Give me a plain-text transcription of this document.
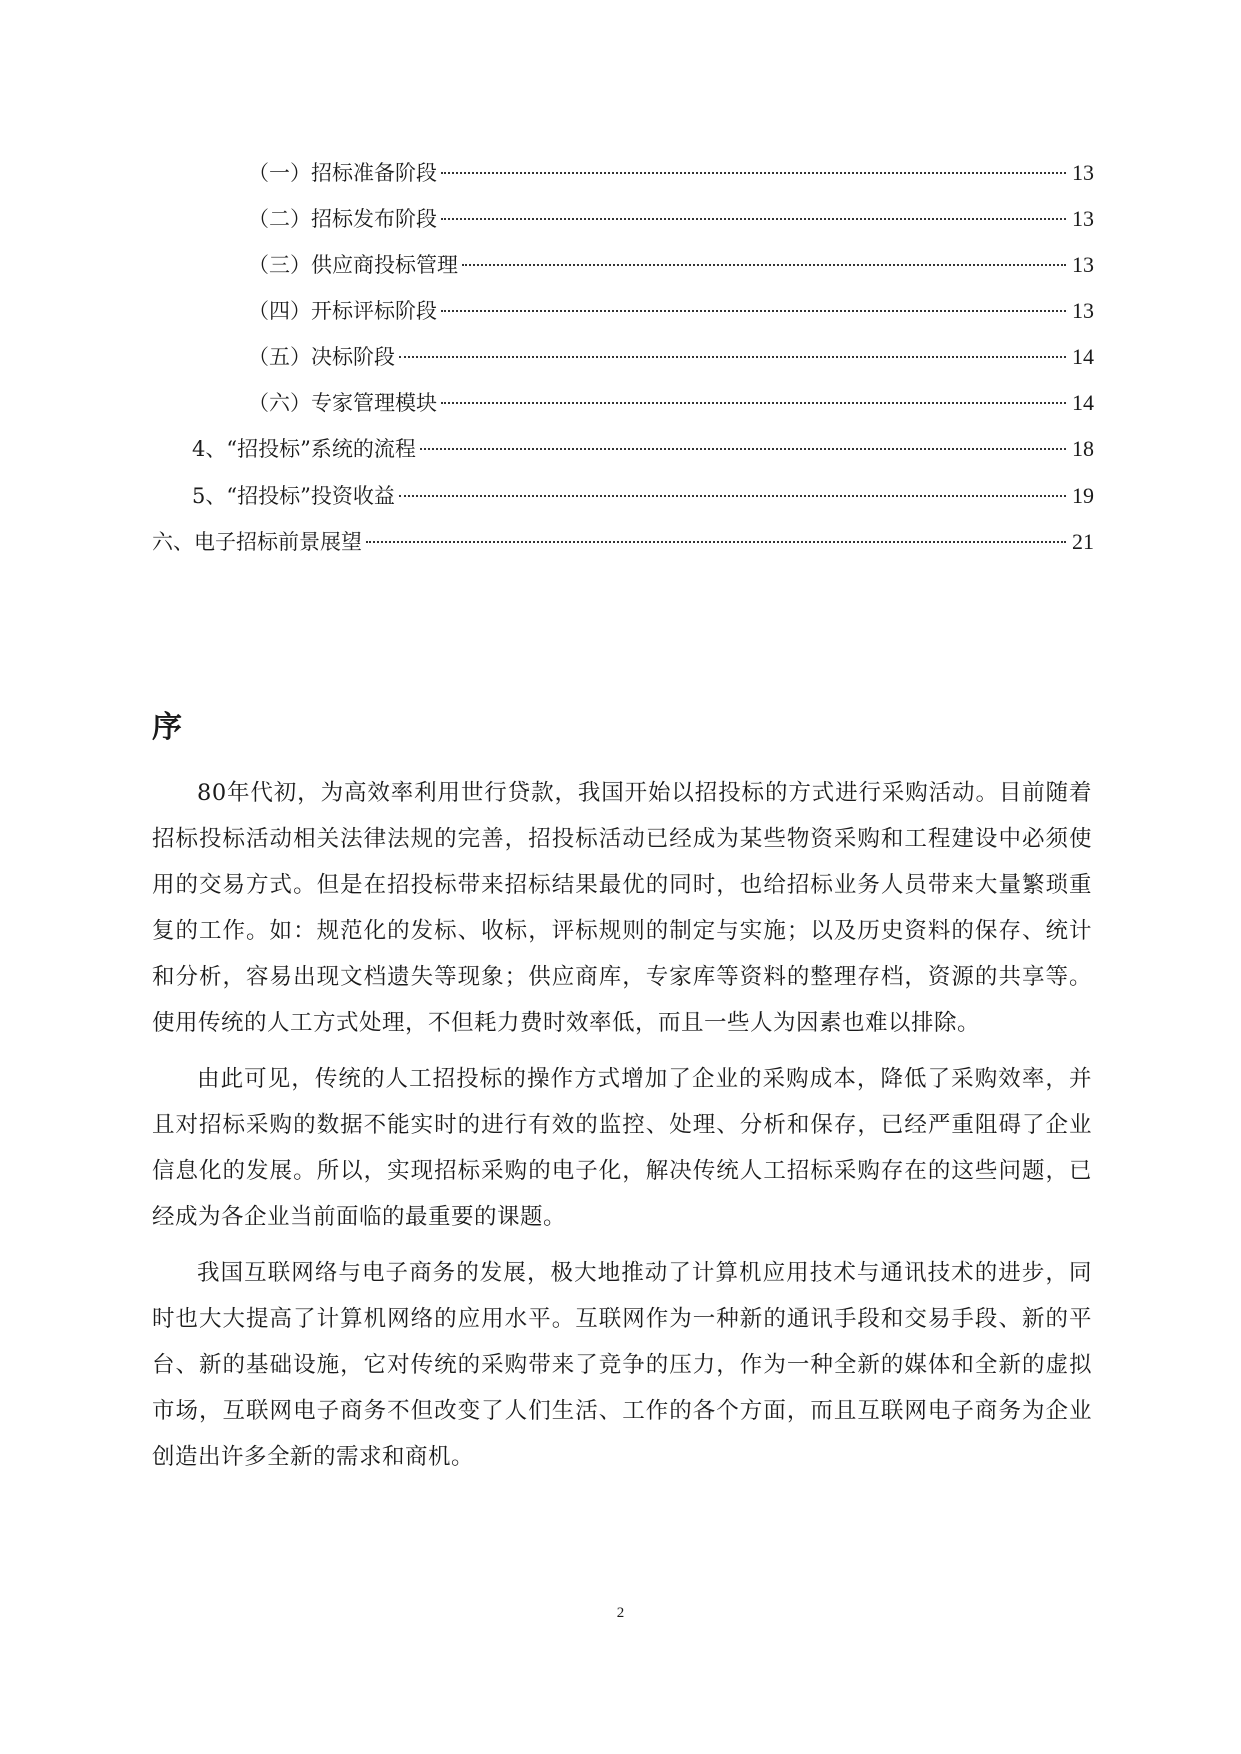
（一）招标准备阶段	13
（二）招标发布阶段	13
（三）供应商投标管理	13
（四）开标评标阶段	13
（五）决标阶段	14
（六）专家管理模块	14
4、“招投标”系统的流程	18
5、“招投标”投资收益	19
六、电子招标前景展望	21
序

80年代初，为高效率利用世行贷款，我国开始以招投标的方式进行采购活动。目前随着招标投标活动相关法律法规的完善，招投标活动已经成为某些物资采购和工程建设中必须使用的交易方式。但是在招投标带来招标结果最优的同时，也给招标业务人员带来大量繁琐重复的工作。如：规范化的发标、收标，评标规则的制定与实施；以及历史资料的保存、统计和分析，容易出现文档遗失等现象；供应商库，专家库等资料的整理存档，资源的共享等。使用传统的人工方式处理，不但耗力费时效率低，而且一些人为因素也难以排除。

由此可见，传统的人工招投标的操作方式增加了企业的采购成本，降低了采购效率，并且对招标采购的数据不能实时的进行有效的监控、处理、分析和保存，已经严重阻碍了企业信息化的发展。所以，实现招标采购的电子化，解决传统人工招标采购存在的这些问题，已经成为各企业当前面临的最重要的课题。

我国互联网络与电子商务的发展，极大地推动了计算机应用技术与通讯技术的进步，同时也大大提高了计算机网络的应用水平。互联网作为一种新的通讯手段和交易手段、新的平台、新的基础设施，它对传统的采购带来了竞争的压力，作为一种全新的媒体和全新的虚拟市场，互联网电子商务不但改变了人们生活、工作的各个方面，而且互联网电子商务为企业创造出许多全新的需求和商机。

2
